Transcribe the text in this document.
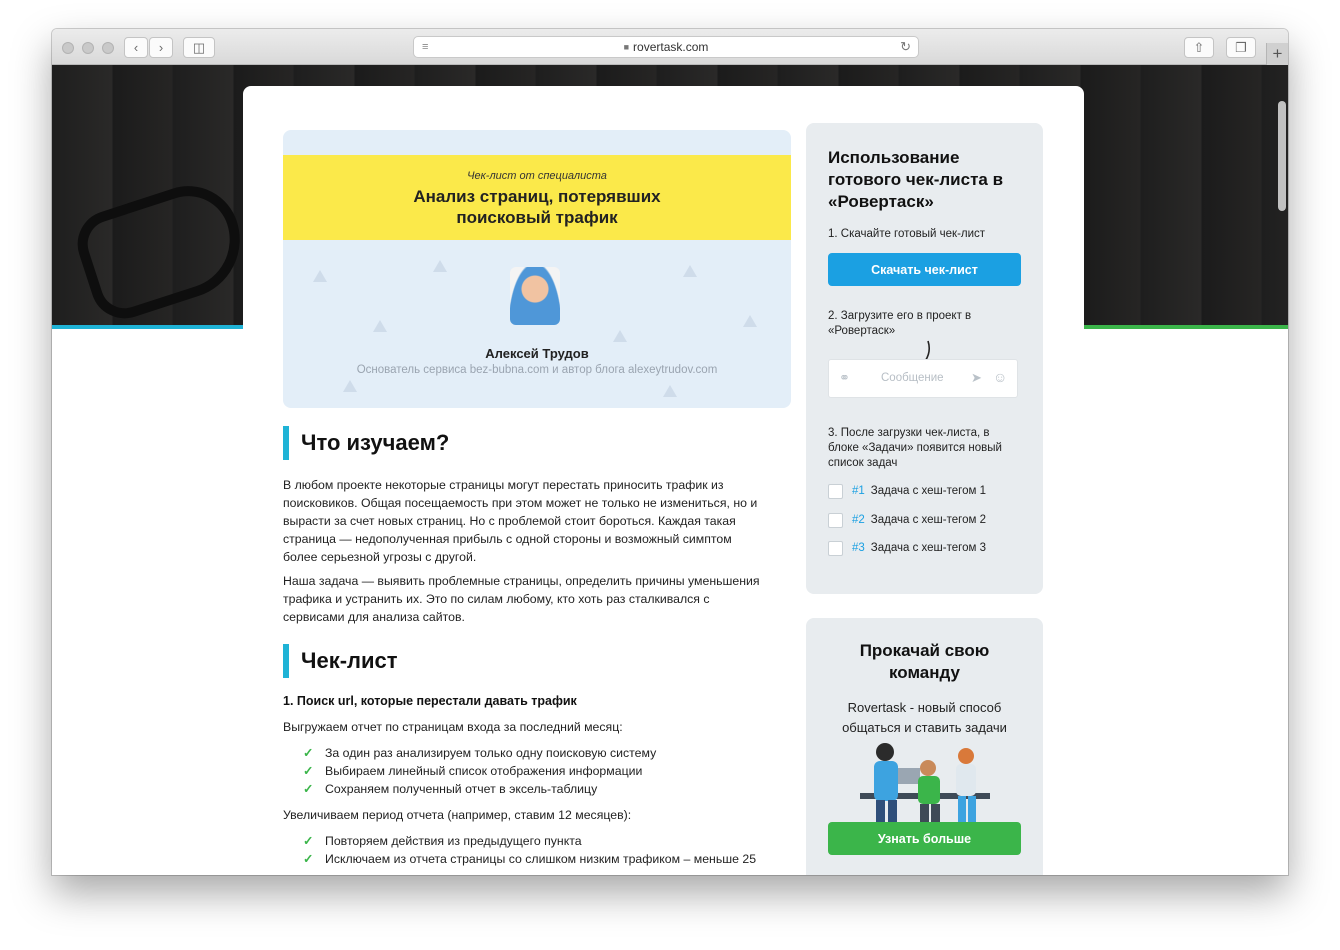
‹	›	◫	≡	■ rovertask.com	↻	⇧	❐	+
Чек-лист от специалиста
Анализ страниц, потерявших
поисковый трафик
Алексей Трудов
Основатель сервиса bez-bubna.com и автор блога alexeytrudov.com
Что изучаем?
В любом проекте некоторые страницы могут перестать приносить трафик из
поисковиков. Общая посещаемость при этом может не только не измениться, но и
вырасти за счет новых страниц. Но с проблемой стоит бороться. Каждая такая
страница — недополученная прибыль с одной стороны и возможный симптом
более серьезной угрозы с другой.
Наша задача — выявить проблемные страницы, определить причины уменьшения
трафика и устранить их. Это по силам любому, кто хоть раз сталкивался с
сервисами для анализа сайтов.
Чек-лист
1. Поиск url, которые перестали давать трафик
Выгружаем отчет по страницам входа за последний месяц:
✓ За один раз анализируем только одну поисковую систему
✓ Выбираем линейный список отображения информации
✓ Сохраняем полученный отчет в эксель-таблицу
Увеличиваем период отчета (например, ставим 12 месяцев):
✓ Повторяем действия из предыдущего пункта
✓ Исключаем из отчета страницы со слишком низким трафиком – меньше 25
Использование готового чек-листа в «Ровертаск»
1. Скачайте готовый чек-лист
Скачать чек-лист
2. Загрузите его в проект в «Ровертаск»
⚭	Сообщение ➤ ☺
3. После загрузки чек-листа, в блоке «Задачи» появится новый список задач
#1 Задача с хеш-тегом 1
#2 Задача с хеш-тегом 2
#3 Задача с хеш-тегом 3
Прокачай свою команду
Rovertask - новый способ общаться и ставить задачи
Узнать больше
